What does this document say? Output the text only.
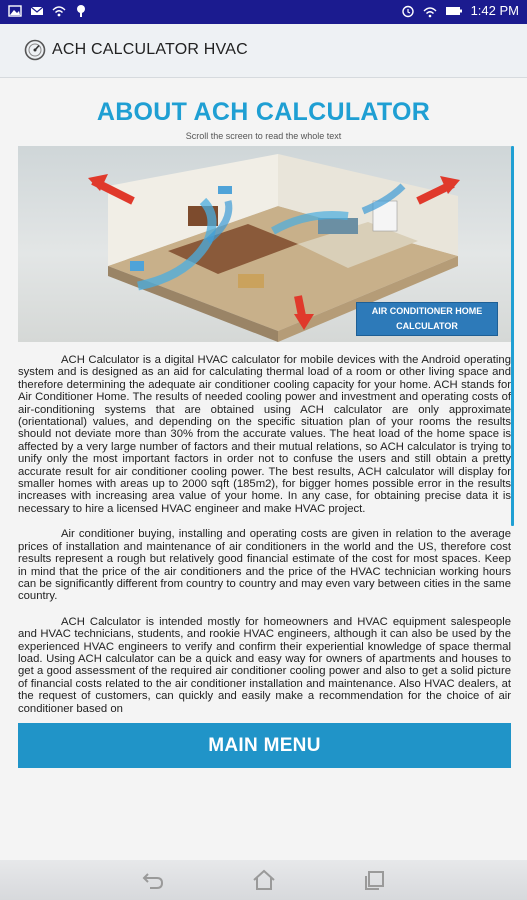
1:42 PM
ACH CALCULATOR HVAC
ABOUT ACH CALCULATOR
Scroll the screen to read the whole text
AIR CONDITIONER HOME
CALCULATOR

ACH Calculator is a digital HVAC calculator for mobile devices with the Android operating system and is designed as an aid for calculating thermal load of a room or other living space and therefore determining the adequate air conditioner cooling capacity for your home. ACH stands for Air Conditioner Home. The results of needed cooling power and investment and operating costs of air-conditioning systems that are obtained using ACH calculator are only approximate (orientational) values, and depending on the specific situation plan of your rooms the results should not deviate more than 30% from the accurate values. The heat load of the home space is affected by a very large number of factors and their mutual relations, so ACH calculator is trying to unify only the most important factors in order not to confuse the users and still obtain a pretty accurate result for air conditioner cooling power. The best results, ACH calculator will display for smaller homes with areas up to 2000 sqft (185m2), for bigger homes possible error in the results increases with increasing area value of your home. In any case, for obtaining precise data it is necessary to hire a licensed HVAC engineer and make HVAC project.

Air conditioner buying, installing and operating costs are given in relation to the average prices of installation and maintenance of air conditioners in the world and the US, therefore cost results represent a rough but relatively good financial estimate of the cost for most spaces. Keep in mind that the price of the air conditioners and the price of the HVAC technician working hours can be significantly different from country to country and may even vary between cities in the same country.

ACH Calculator is intended mostly for homeowners and HVAC equipment salespeople and HVAC technicians, students, and rookie HVAC engineers, although it can also be used by the experienced HVAC engineers to verify and confirm their experiential knowledge of space thermal load. Using ACH calculator can be a quick and easy way for owners of apartments and houses to get a good assessment of the required air conditioner cooling power and also to get a solid picture of financial costs related to the air conditioner installation and maintenance. Also HVAC dealers, at the request of customers, can quickly and easily make a recommendation for the choice of air conditioner based on

MAIN MENU
